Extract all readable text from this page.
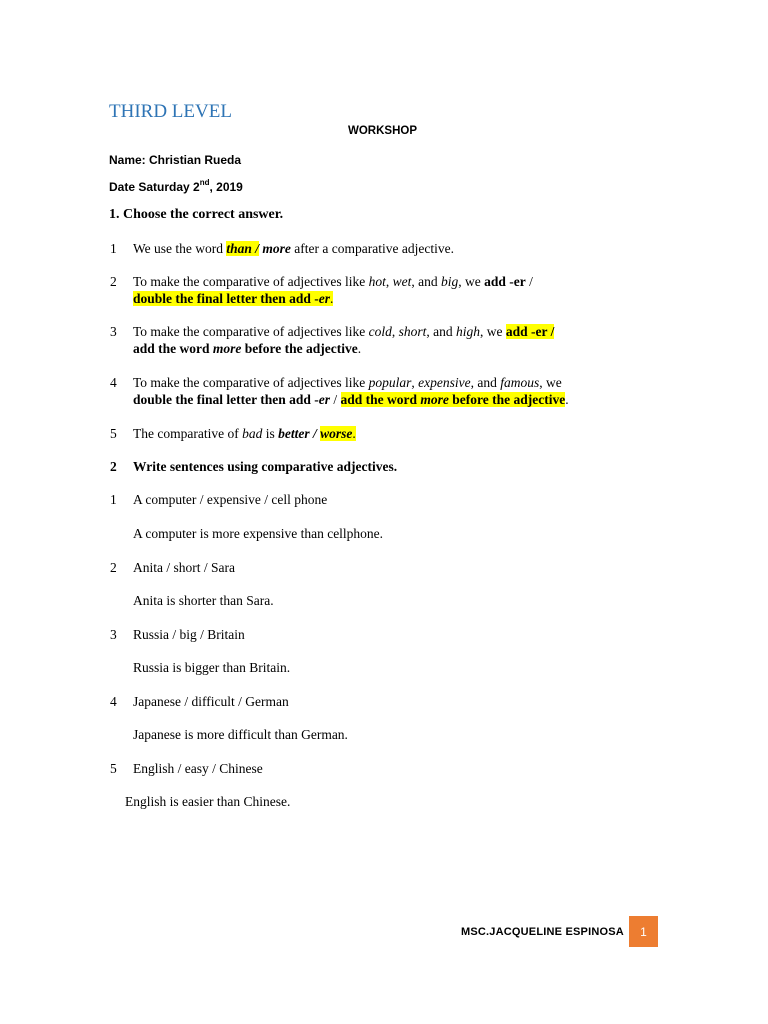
THIRD LEVEL
WORKSHOP
Name: Christian Rueda
Date Saturday 2nd, 2019
1. Choose the correct answer.
1 We use the word than / more after a comparative adjective.
2 To make the comparative of adjectives like hot, wet, and big, we add -er /
double the final letter then add -er.
3 To make the comparative of adjectives like cold, short, and high, we add -er /
add the word more before the adjective.
4 To make the comparative of adjectives like popular, expensive, and famous, we
double the final letter then add -er / add the word more before the adjective.
5 The comparative of bad is better / worse.
2 Write sentences using comparative adjectives.
1 A computer / expensive / cell phone
A computer is more expensive than cellphone.
2 Anita / short / Sara
Anita is shorter than Sara.
3 Russia / big / Britain
Russia is bigger than Britain.
4 Japanese / difficult / German
Japanese is more difficult than German.
5 English / easy / Chinese
English is easier than Chinese.
MSC.JACQUELINE ESPINOSA	1
